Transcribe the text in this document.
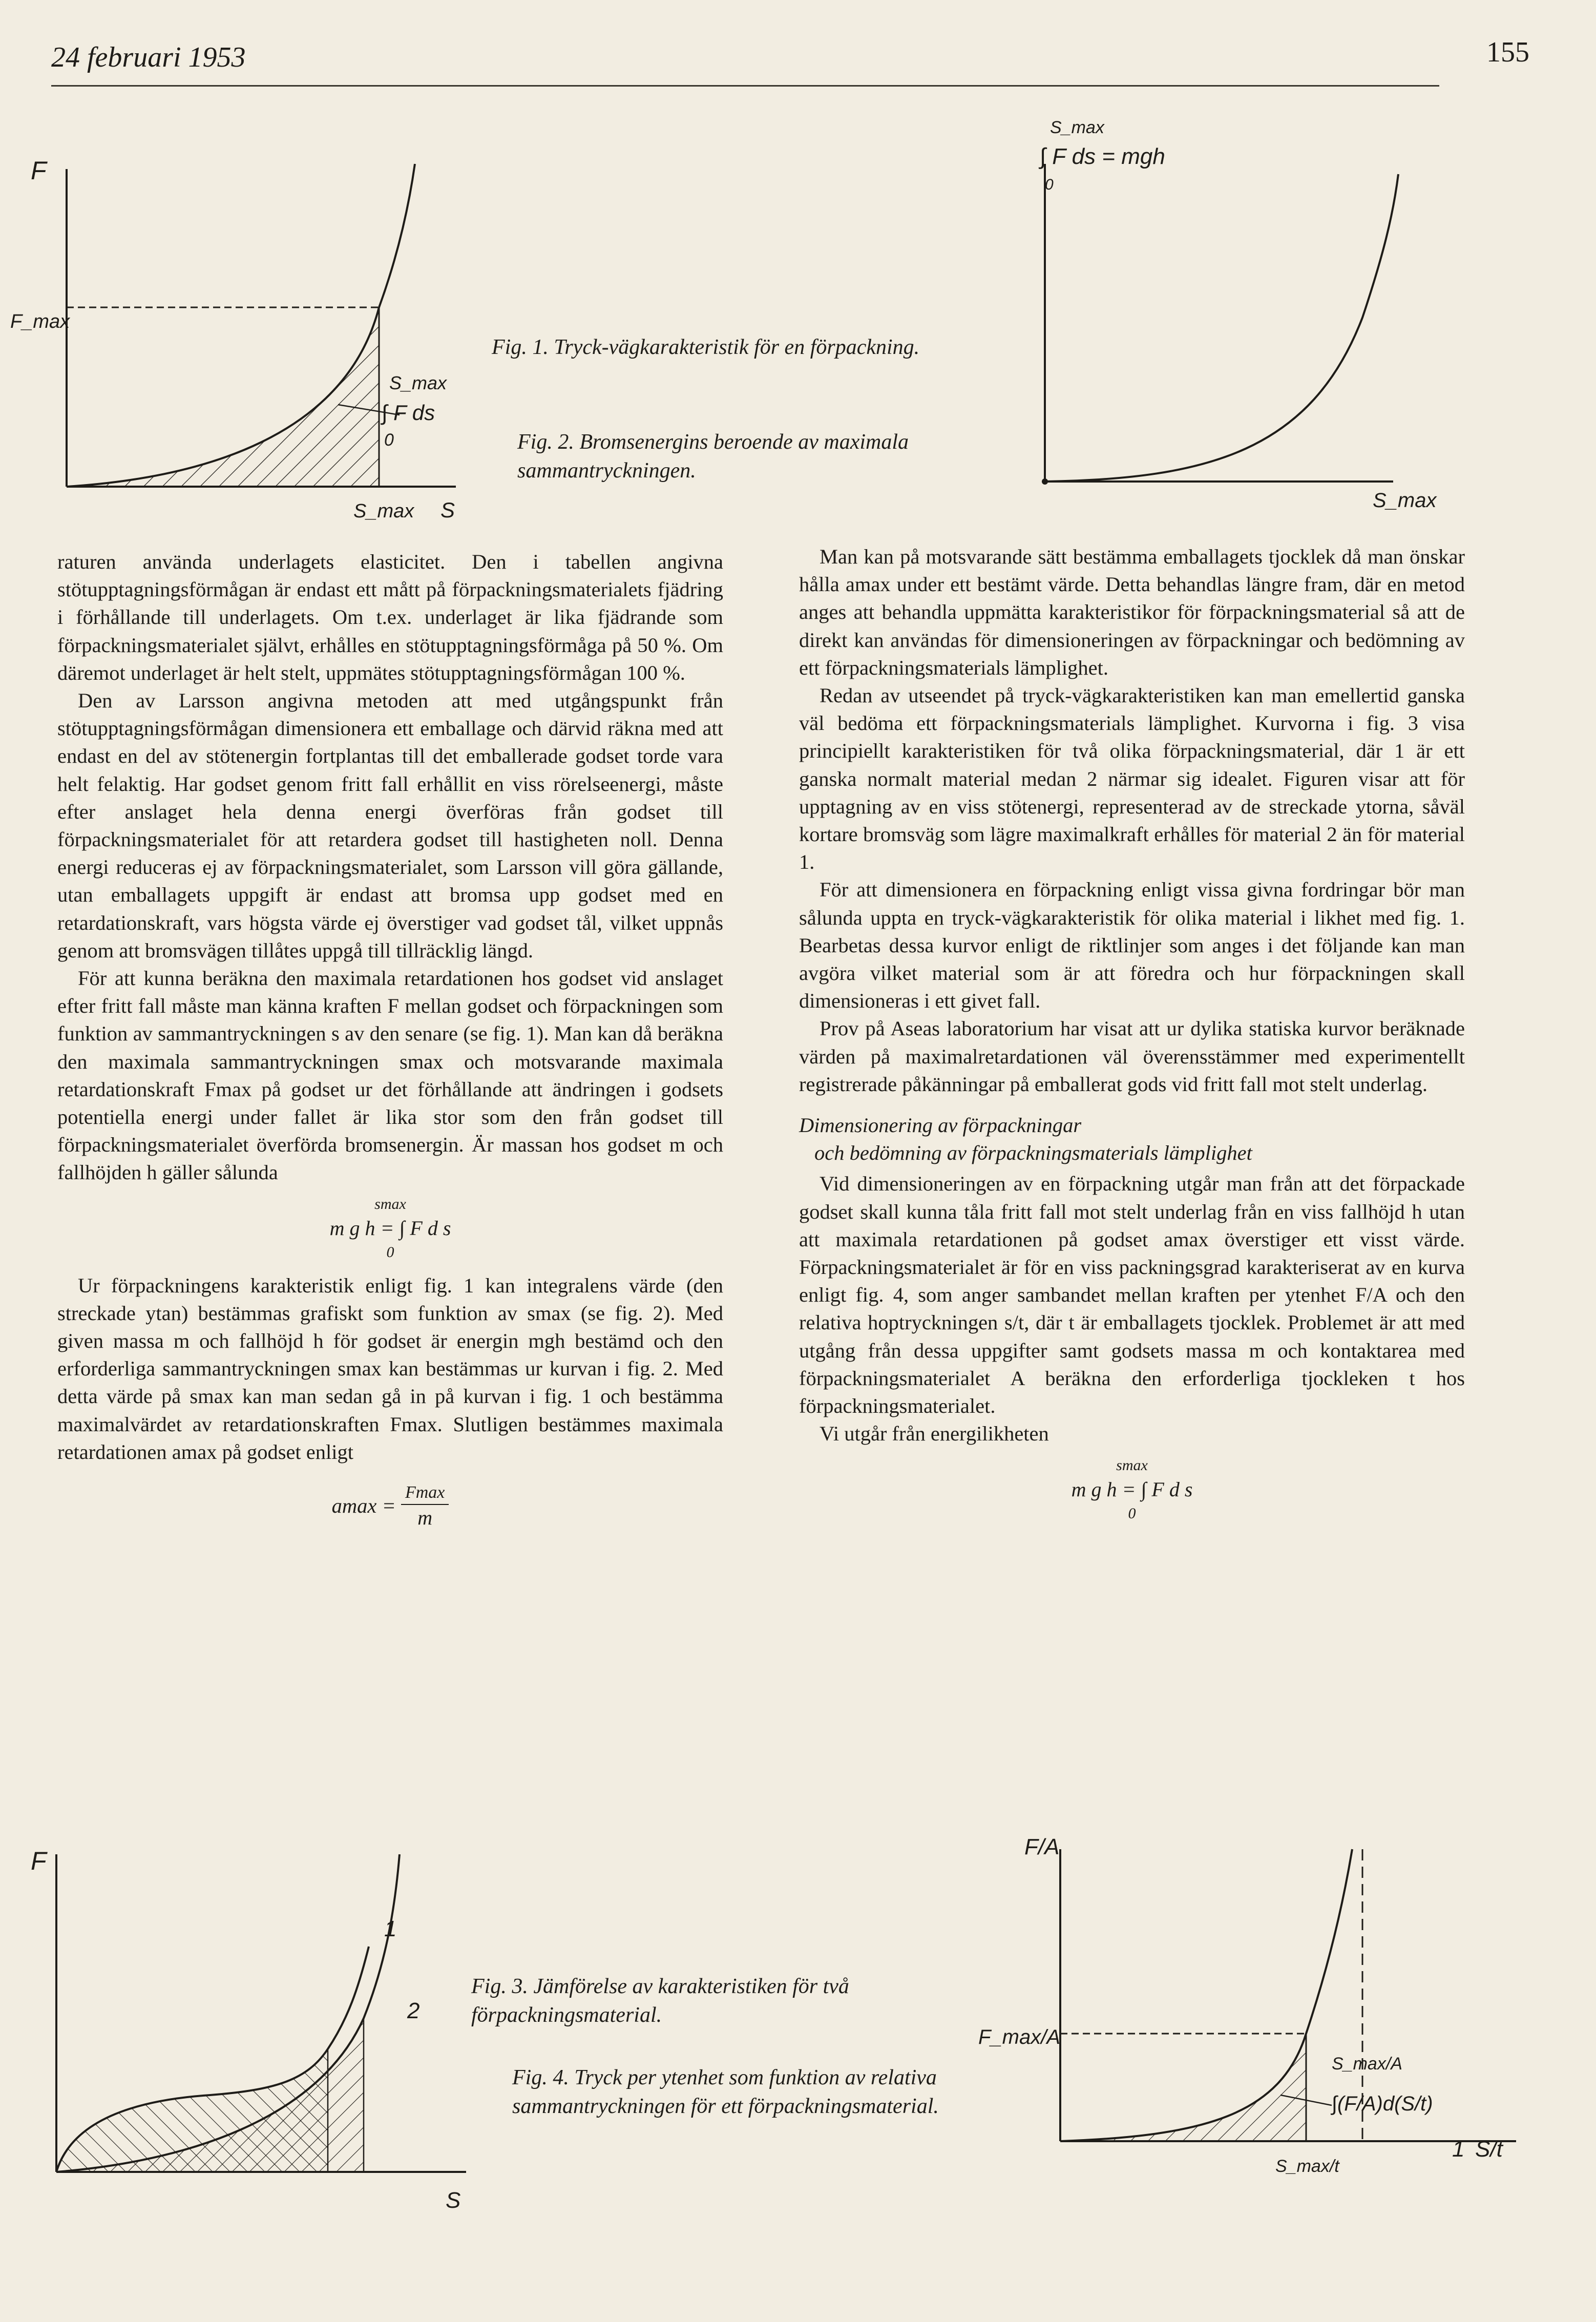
24 februari 1953	155
F
F_max
S_max
∫ F ds
0
S_max S
Fig. 1. Tryck-vägkarakteristik för en förpackning.
Fig. 2. Bromsenergins beroende av maximala sammantryckningen.
S_max
∫ F ds = mgh
0
S_max

raturen använda underlagets elasticitet. Den i tabellen angivna stötupptagningsförmågan är endast ett mått på förpackningsmaterialets fjädring i förhållande till underlagets. Om t.ex. underlaget är lika fjädrande som förpackningsmaterialet självt, erhålles en stötupptagningsförmåga på 50 %. Om däremot underlaget är helt stelt, uppmätes stötupptagningsförmågan 100 %.

Den av Larsson angivna metoden att med utgångspunkt från stötupptagningsförmågan dimensionera ett emballage och därvid räkna med att endast en del av stötenergin fortplantas till det emballerade godset torde vara helt felaktig. Har godset genom fritt fall erhållit en viss rörelseenergi, måste efter anslaget hela denna energi överföras från godset till förpackningsmaterialet för att retardera godset till hastigheten noll. Denna energi reduceras ej av förpackningsmaterialet, som Larsson vill göra gällande, utan emballagets uppgift är endast att bromsa upp godset med en retardationskraft, vars högsta värde ej överstiger vad godset tål, vilket uppnås genom att bromsvägen tillåtes uppgå till tillräcklig längd.

För att kunna beräkna den maximala retardationen hos godset vid anslaget efter fritt fall måste man känna kraften F mellan godset och förpackningen som funktion av sammantryckningen s av den senare (se fig. 1). Man kan då beräkna den maximala sammantryckningen smax och motsvarande maximala retardationskraft Fmax på godset ur det förhållande att ändringen i godsets potentiella energi under fallet är lika stor som den från godset till förpackningsmaterialet överförda bromsenergin. Är massan hos godset m och fallhöjden h gäller sålunda

smax
m g h = ∫ F d s
0

Ur förpackningens karakteristik enligt fig. 1 kan integralens värde (den streckade ytan) bestämmas grafiskt som funktion av smax (se fig. 2). Med given massa m och fallhöjd h för godset är energin mgh bestämd och den erforderliga sammantryckningen smax kan bestämmas ur kurvan i fig. 2. Med detta värde på smax kan man sedan gå in på kurvan i fig. 1 och bestämma maximalvärdet av retardationskraften Fmax. Slutligen bestämmes maximala retardationen amax på godset enligt

$amax = \frac{Fmax}{m}$

Man kan på motsvarande sätt bestämma emballagets tjocklek då man önskar hålla amax under ett bestämt värde. Detta behandlas längre fram, där en metod anges att behandla uppmätta karakteristikor för förpackningsmaterial så att de direkt kan användas för dimensioneringen av förpackningar och bedömning av ett förpackningsmaterials lämplighet.

Redan av utseendet på tryck-vägkarakteristiken kan man emellertid ganska väl bedöma ett förpackningsmaterials lämplighet. Kurvorna i fig. 3 visa principiellt karakteristiken för två olika förpackningsmaterial, där 1 är ett ganska normalt material medan 2 närmar sig idealet. Figuren visar att för upptagning av en viss stötenergi, representerad av de streckade ytorna, såväl kortare bromsväg som lägre maximalkraft erhålles för material 2 än för material 1.

För att dimensionera en förpackning enligt vissa givna fordringar bör man sålunda uppta en tryck-vägkarakteristik för olika material i likhet med fig. 1. Bearbetas dessa kurvor enligt de riktlinjer som anges i det följande kan man avgöra vilket material som är att föredra och hur förpackningen skall dimensioneras i ett givet fall.

Prov på Aseas laboratorium har visat att ur dylika statiska kurvor beräknade värden på maximalretardationen väl överensstämmer med experimentellt registrerade påkänningar på emballerat gods vid fritt fall mot stelt underlag.

Dimensionering av förpackningar

och bedömning av förpackningsmaterials lämplighet

Vid dimensioneringen av en förpackning utgår man från att det förpackade godset skall kunna tåla fritt fall mot stelt underlag från en viss fallhöjd h utan att maximala retardationen på godset amax överstiger ett visst värde. Förpackningsmaterialet är för en viss packningsgrad karakteriserat av en kurva enligt fig. 4, som anger sambandet mellan kraften per ytenhet F/A och den relativa hoptryckningen s/t, där t är emballagets tjocklek. Problemet är att med utgång från dessa uppgifter samt godsets massa m och kontaktarea med förpackningsmaterialet A beräkna den erforderliga tjockleken t hos förpackningsmaterialet.

Vi utgår från energilikheten

smax
m g h = ∫ F d s
0
F
1
2
S
Fig. 3. Jämförelse av karakteristiken för två förpackningsmaterial.
Fig. 4. Tryck per ytenhet som funktion av relativa sammantryckningen för ett förpackningsmaterial.
F/A
F_max/A
S_max/A
∫(F/A)d(S/t)
S_max/t
1 S/t
